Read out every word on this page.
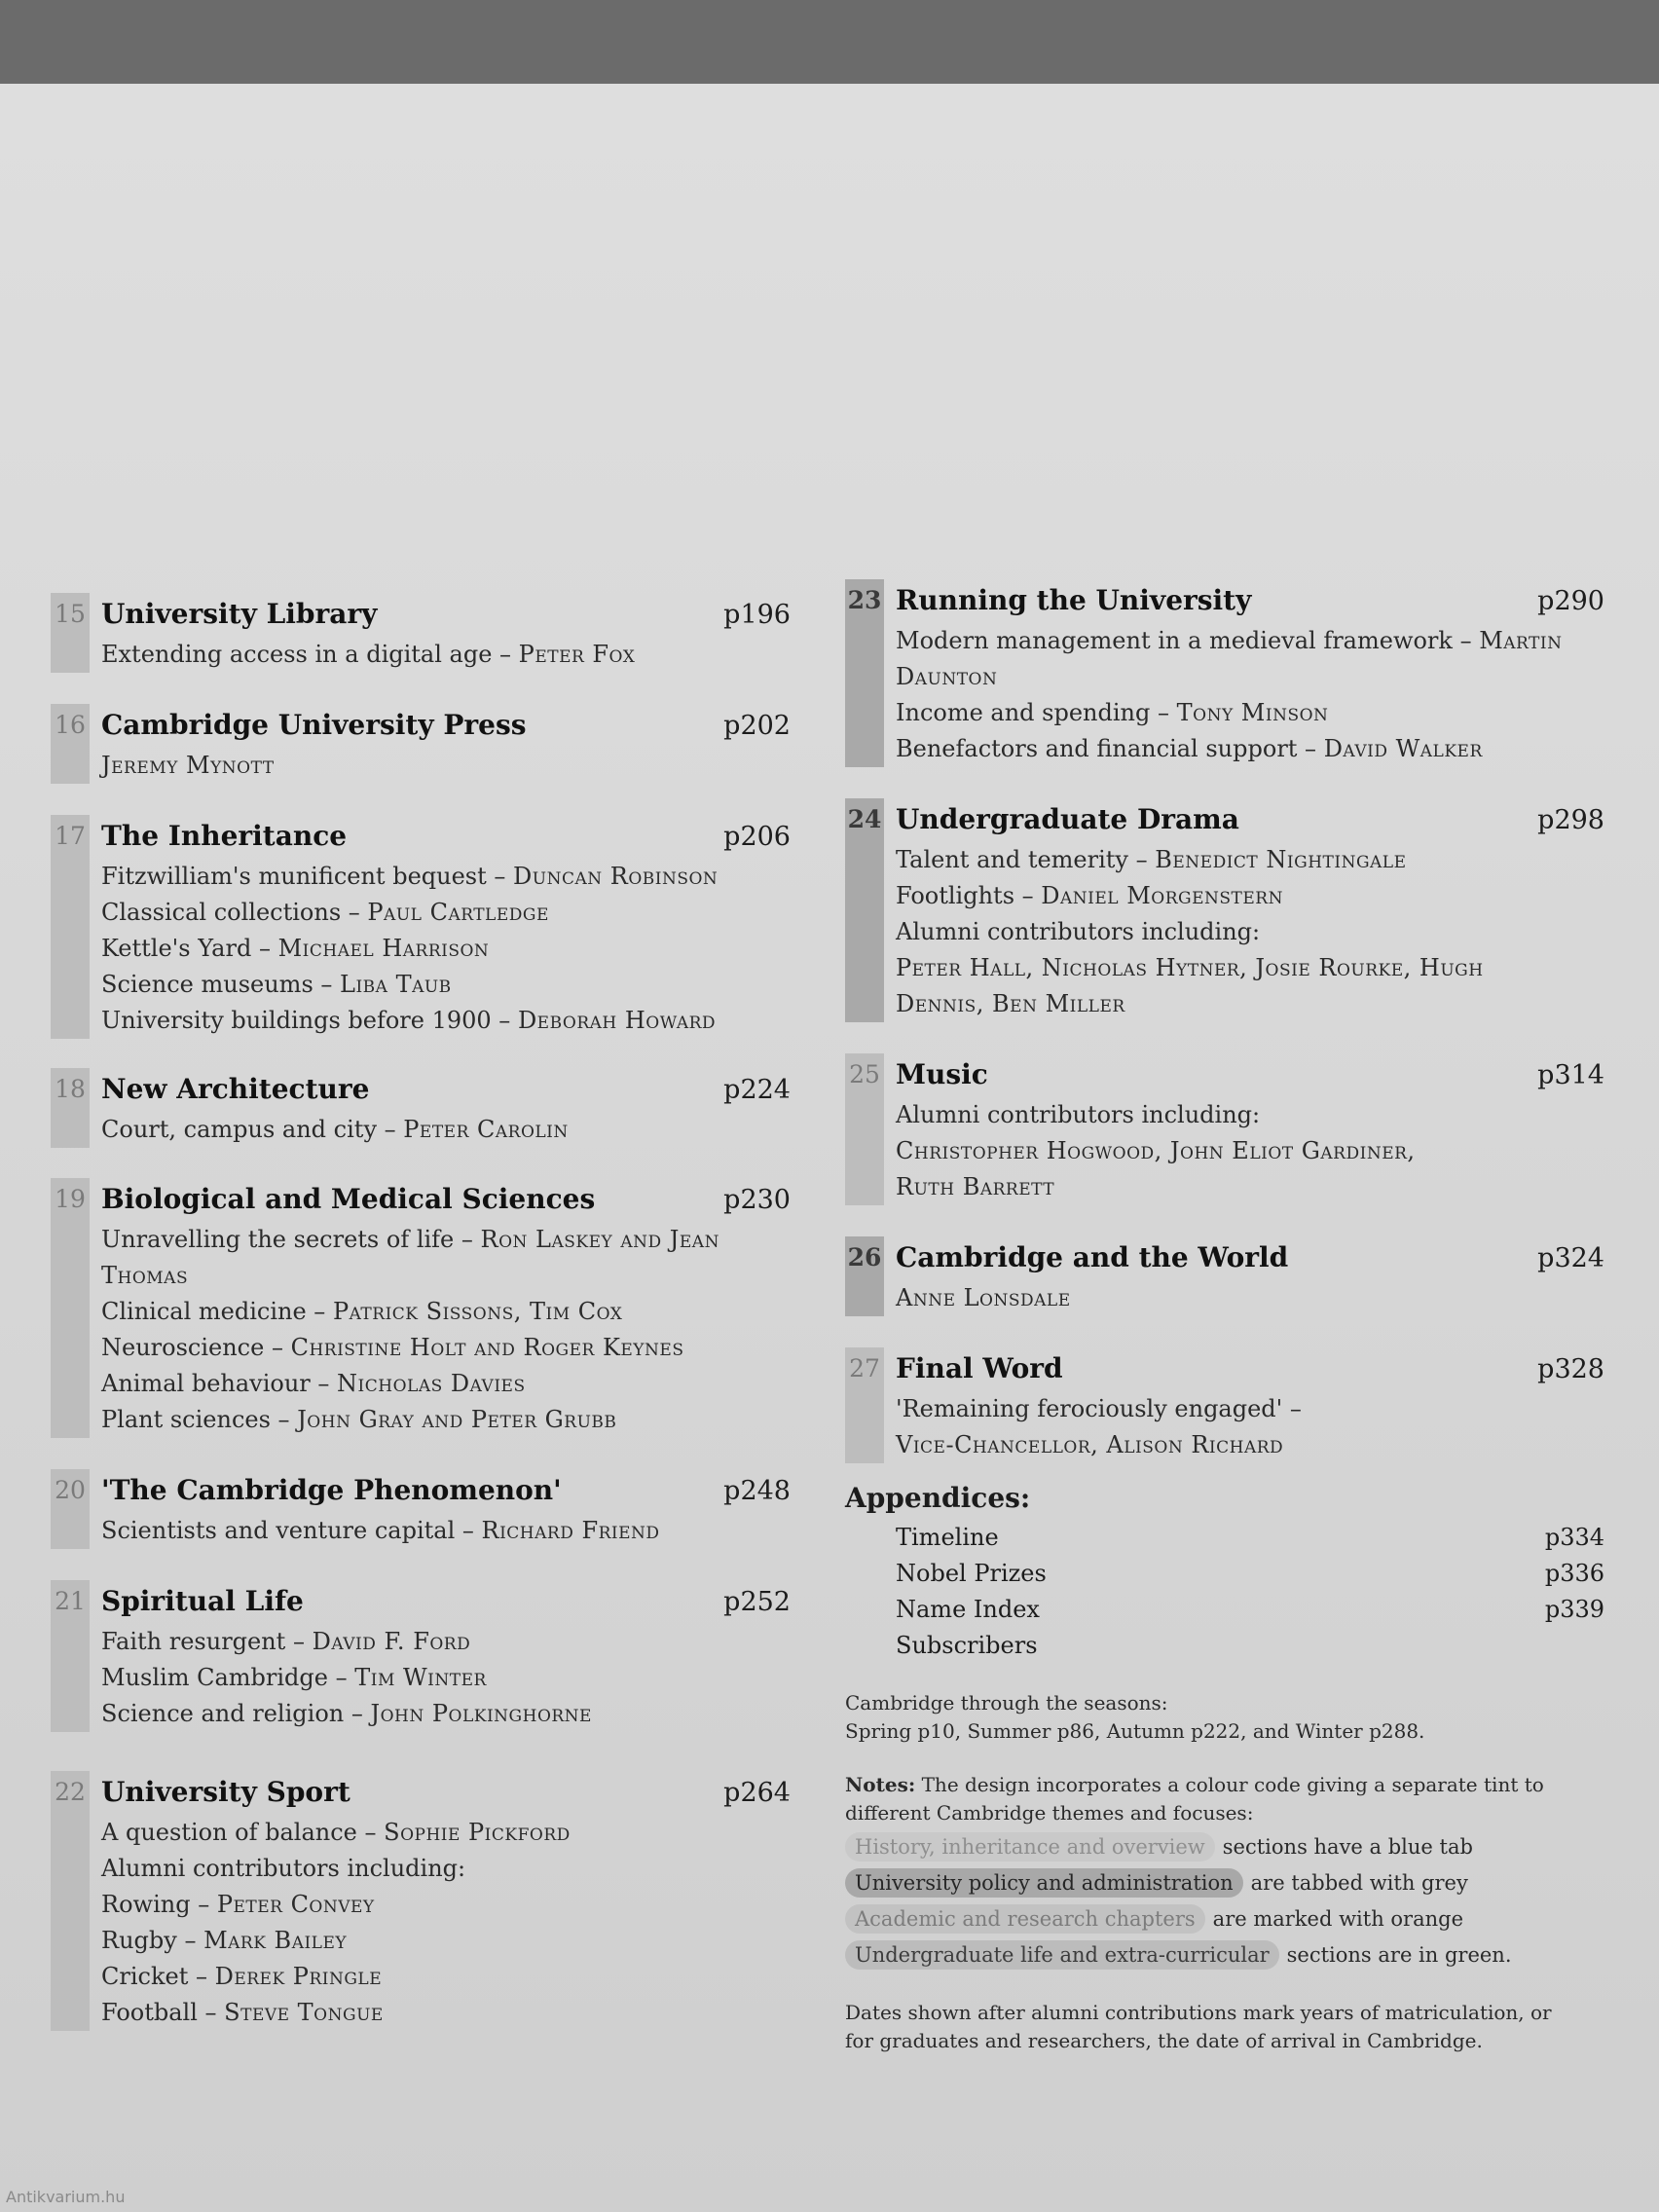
15 University Library	p196
Extending access in a digital age – Peter Fox
16 Cambridge University Press	p202
Jeremy Mynott
17 The Inheritance	p206
Fitzwilliam's munificent bequest – Duncan Robinson
Classical collections – Paul Cartledge
Kettle's Yard – Michael Harrison
Science museums – Liba Taub
University buildings before 1900 – Deborah Howard
18 New Architecture	p224
Court, campus and city – Peter Carolin
19 Biological and Medical Sciences	p230
Unravelling the secrets of life – Ron Laskey and Jean Thomas
Clinical medicine – Patrick Sissons, Tim Cox
Neuroscience – Christine Holt and Roger Keynes
Animal behaviour – Nicholas Davies
Plant sciences – John Gray and Peter Grubb
20 'The Cambridge Phenomenon'	p248
Scientists and venture capital – Richard Friend
21 Spiritual Life	p252
Faith resurgent – David F. Ford
Muslim Cambridge – Tim Winter
Science and religion – John Polkinghorne
22 University Sport	p264
A question of balance – Sophie Pickford
Alumni contributors including:
Rowing – Peter Convey
Rugby – Mark Bailey
Cricket – Derek Pringle
Football – Steve Tongue
23 Running the University	p290
Modern management in a medieval framework – Martin
Daunton
Income and spending – Tony Minson
Benefactors and financial support – David Walker
24 Undergraduate Drama	p298
Talent and temerity – Benedict Nightingale
Footlights – Daniel Morgenstern
Alumni contributors including:
Peter Hall, Nicholas Hytner, Josie Rourke, Hugh
Dennis, Ben Miller
25 Music	p314
Alumni contributors including:
Christopher Hogwood, John Eliot Gardiner,
Ruth Barrett
26 Cambridge and the World	p324
Anne Lonsdale
27 Final Word	p328
'Remaining ferociously engaged' –
Vice-Chancellor, Alison Richard
Appendices:
Timeline	p334
Nobel Prizes	p336
Name Index	p339
Subscribers
Cambridge through the seasons:
Spring p10, Summer p86, Autumn p222, and Winter p288.
Notes: The design incorporates a colour code giving a separate tint to different Cambridge themes and focuses:
History, inheritance and overview sections have a blue tab
University policy and administration are tabbed with grey
Academic and research chapters are marked with orange
Undergraduate life and extra-curricular sections are in green.
Dates shown after alumni contributions mark years of matriculation, or for graduates and researchers, the date of arrival in Cambridge.
Antikvarium.hu
